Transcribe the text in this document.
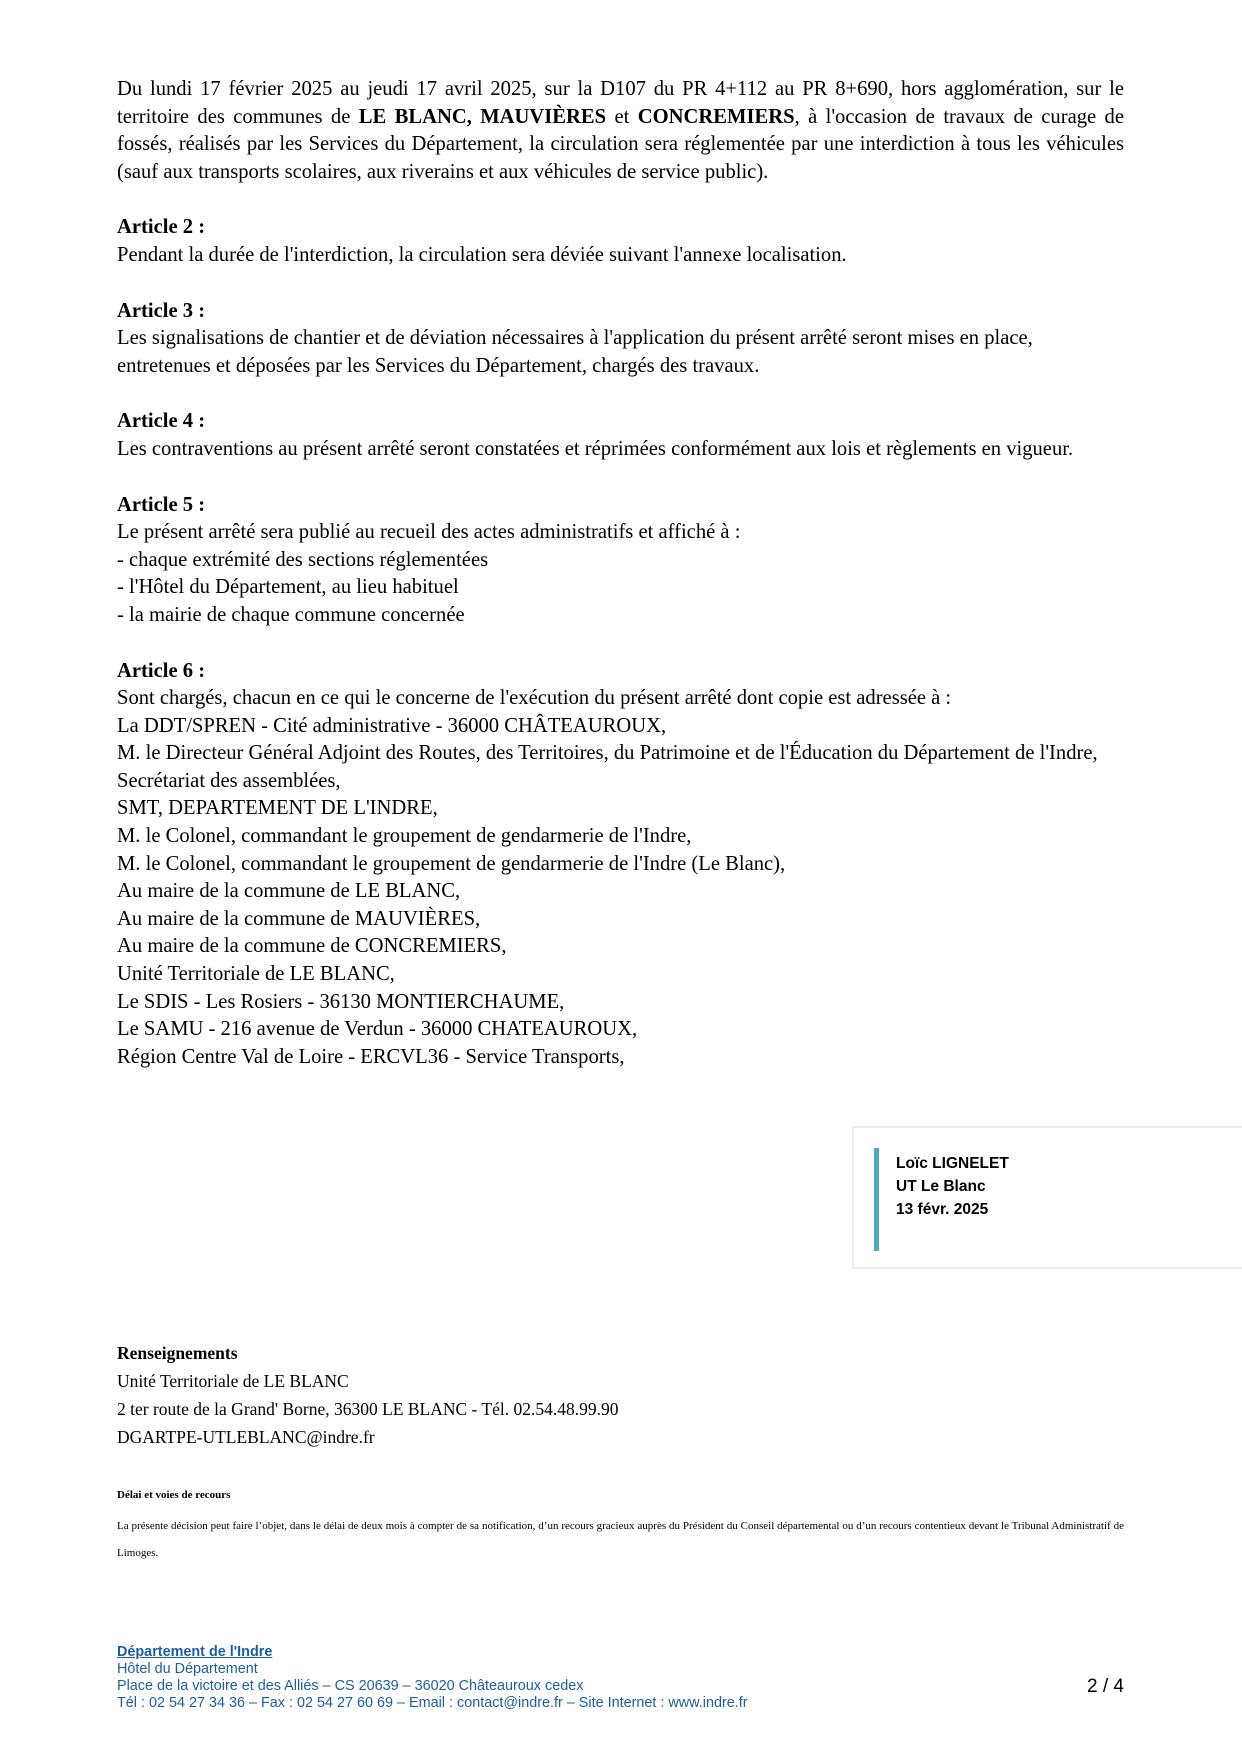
Du lundi 17 février 2025 au jeudi 17 avril 2025, sur la D107 du PR 4+112 au PR 8+690, hors agglomération, sur le territoire des communes de LE BLANC, MAUVIÈRES et CONCREMIERS, à l'occasion de travaux de curage de fossés, réalisés par les Services du Département, la circulation sera réglementée par une interdiction à tous les véhicules (sauf aux transports scolaires, aux riverains et aux véhicules de service public).

Article 2 :

Pendant la durée de l'interdiction, la circulation sera déviée suivant l'annexe localisation.

Article 3 :

Les signalisations de chantier et de déviation nécessaires à l'application du présent arrêté seront mises en place, entretenues et déposées par les Services du Département, chargés des travaux.

Article 4 :

Les contraventions au présent arrêté seront constatées et réprimées conformément aux lois et règlements en vigueur.

Article 5 :

Le présent arrêté sera publié au recueil des actes administratifs et affiché à :

- chaque extrémité des sections réglementées

- l'Hôtel du Département, au lieu habituel

- la mairie de chaque commune concernée

Article 6 :

Sont chargés, chacun en ce qui le concerne de l'exécution du présent arrêté dont copie est adressée à :

La DDT/SPREN - Cité administrative - 36000 CHÂTEAUROUX,

M. le Directeur Général Adjoint des Routes, des Territoires, du Patrimoine et de l'Éducation du Département de l'Indre,

Secrétariat des assemblées,

SMT, DEPARTEMENT DE L'INDRE,

M. le Colonel, commandant le groupement de gendarmerie de l'Indre,

M. le Colonel, commandant le groupement de gendarmerie de l'Indre (Le Blanc),

Au maire de la commune de LE BLANC,

Au maire de la commune de MAUVIÈRES,

Au maire de la commune de CONCREMIERS,

Unité Territoriale de LE BLANC,

Le SDIS - Les Rosiers - 36130 MONTIERCHAUME,

Le SAMU - 216 avenue de Verdun - 36000 CHATEAUROUX,

Région Centre Val de Loire - ERCVL36 - Service Transports,

Loïc LIGNELET
UT Le Blanc
13 févr. 2025
Renseignements
Unité Territoriale de LE BLANC
2 ter route de la Grand' Borne, 36300 LE BLANC - Tél. 02.54.48.99.90
DGARTPE-UTLEBLANC@indre.fr
Délai et voies de recours
La présente décision peut faire l’objet, dans le délai de deux mois à compter de sa notification, d’un recours gracieux auprès du Président du Conseil départemental ou d’un recours contentieux devant le Tribunal Administratif de Limoges.
Département de l'Indre
Hôtel du Département
Place de la victoire et des Alliés – CS 20639 – 36020 Châteauroux cedex
Tél : 02 54 27 34 36 – Fax : 02 54 27 60 69 – Email : contact@indre.fr – Site Internet : www.indre.fr
2 / 4
